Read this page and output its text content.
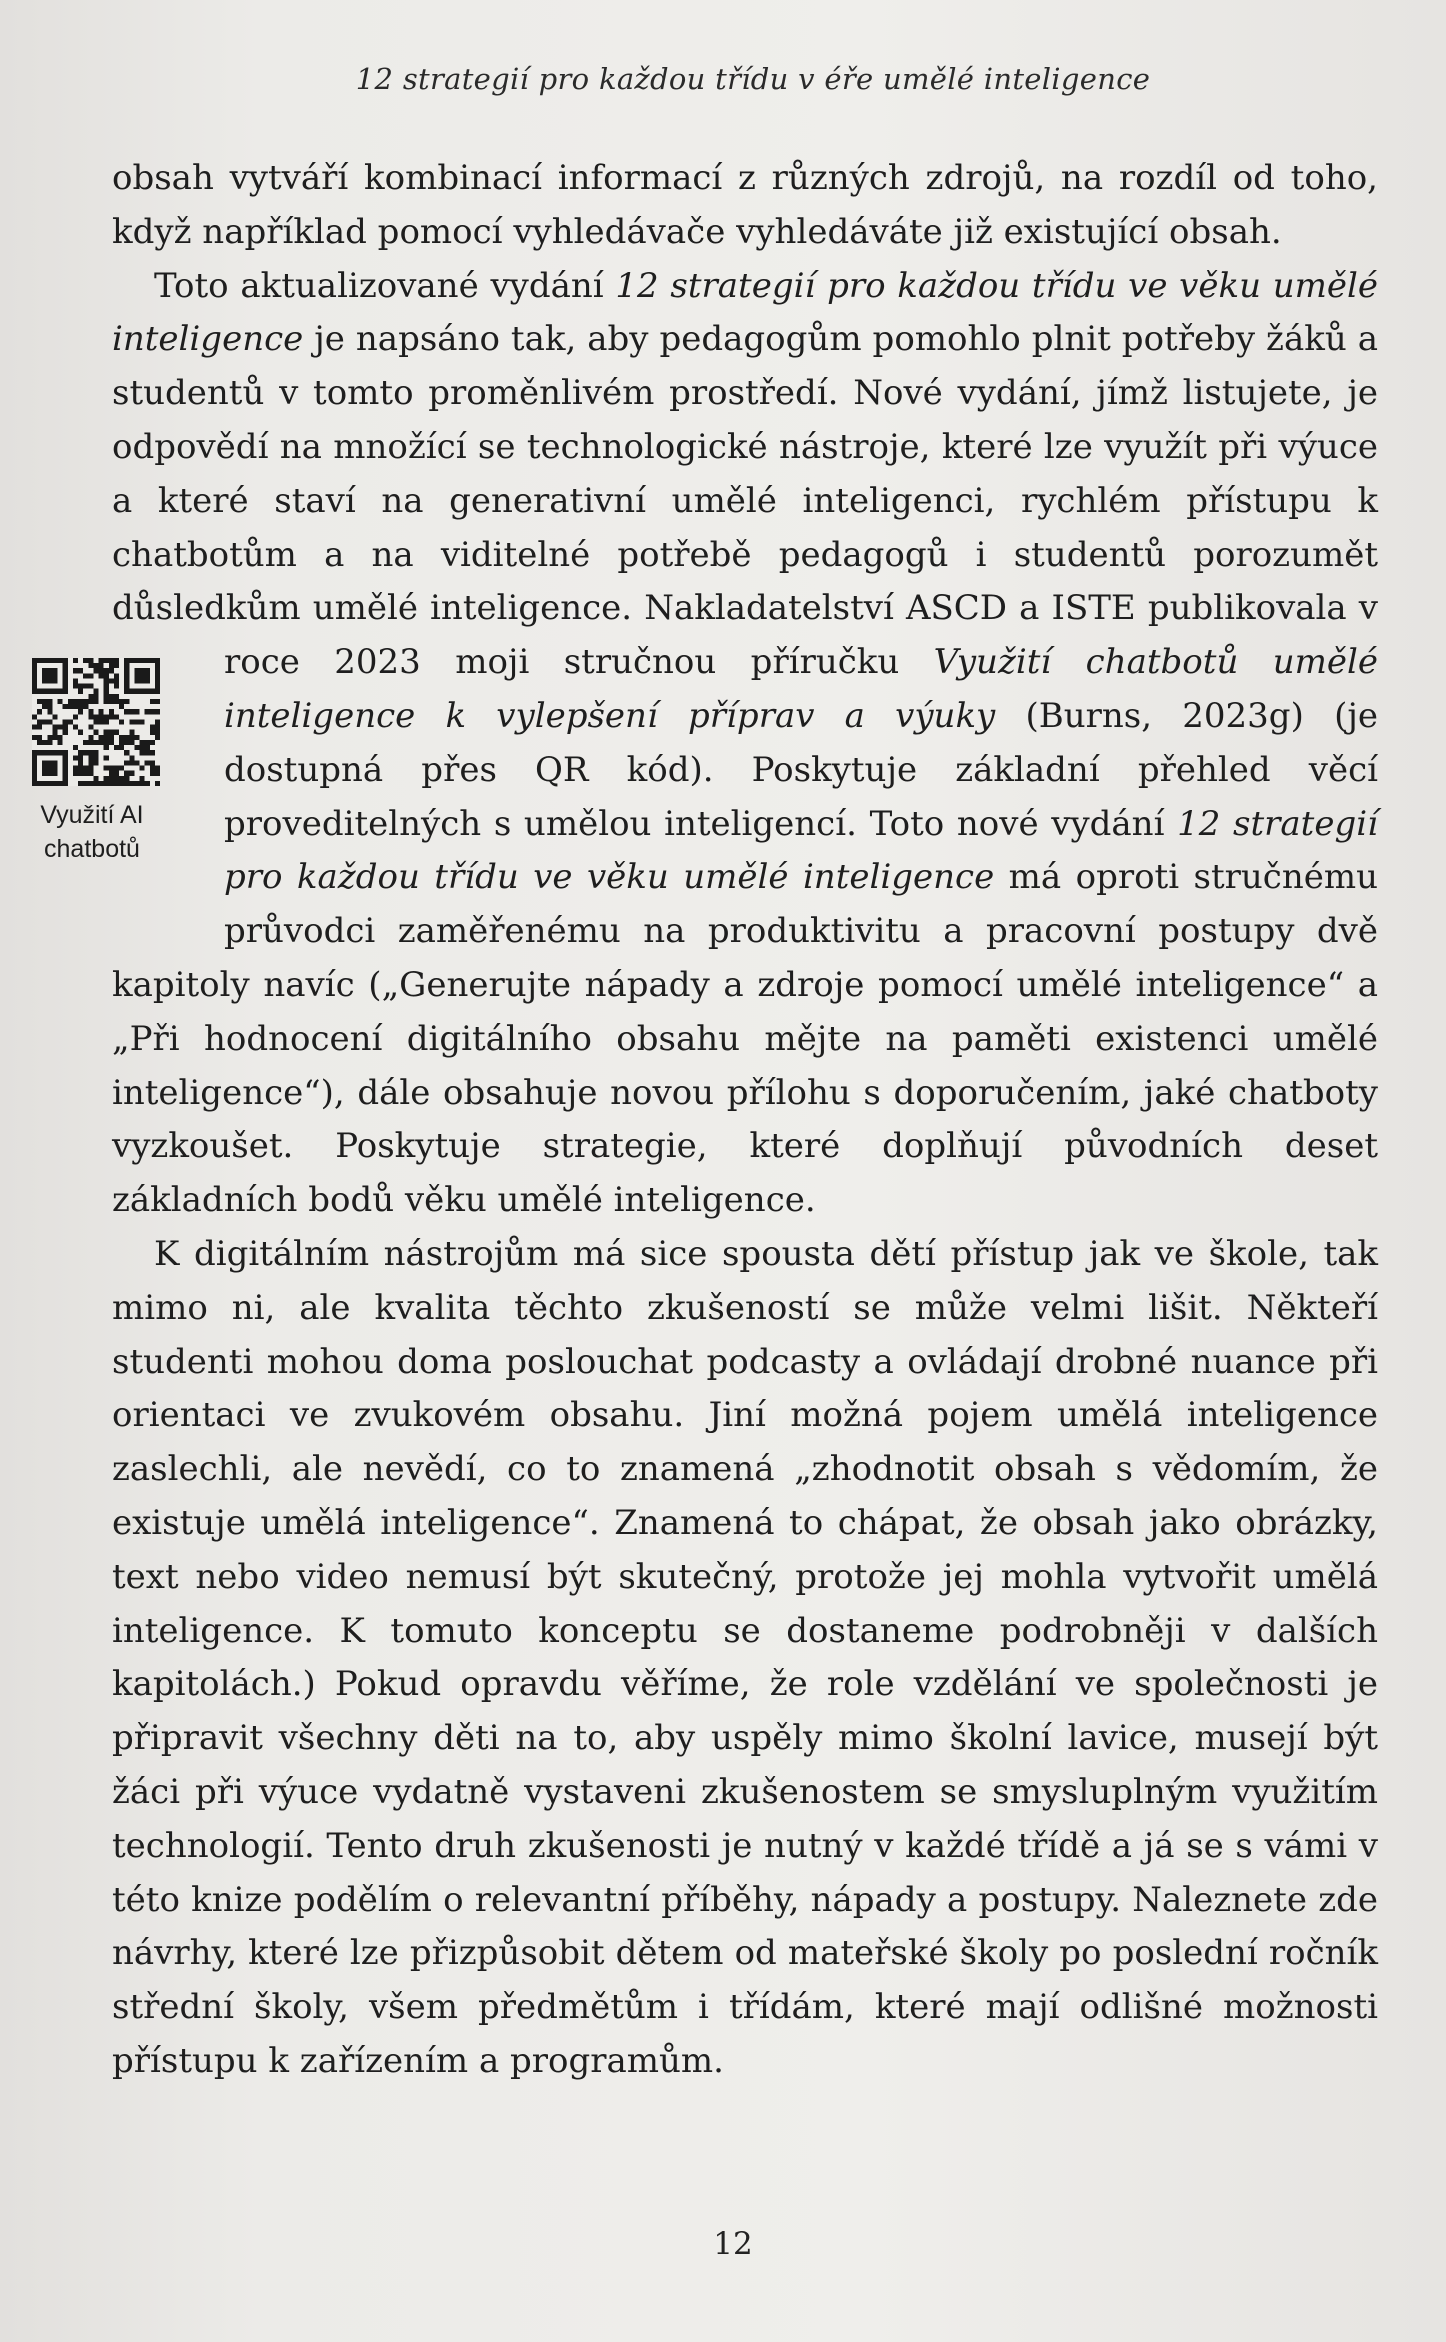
12 strategií pro každou třídu v éře umělé inteligence

obsah vytváří kombinací informací z různých zdrojů, na rozdíl od toho, když například pomocí vyhledávače vyhledáváte již existující obsah.

Toto aktualizované vydání 12 strategií pro každou třídu ve věku umělé inteligence je napsáno tak, aby pedagogům pomohlo plnit potřeby žáků a studentů v tomto proměnlivém prostředí. Nové vydání, jímž listujete, je odpovědí na množící se technologické nástroje, které lze využít při výuce a které staví na generativní umělé inteligenci, rychlém přístupu k chatbotům a na viditelné potřebě pedagogů i studentů porozumět důsledkům umělé inteligence. Nakladatelství ASCD a ISTE publikovala v roce 2023 moji stručnou příručku
Využití AI chatbotů
Využití chatbotů umělé inteligence k vylepšení příprav a výuky (Burns, 2023g) (je dostupná přes QR kód). Poskytuje základní přehled věcí proveditelných s umělou inteligencí. Toto nové vydání 12 strategií pro každou třídu ve věku umělé inteligence má oproti stručnému průvodci zaměřenému na produktivitu a pracovní postupy dvě kapitoly navíc („Generujte nápady a zdroje pomocí umělé inteligence“ a „Při hodnocení digitálního obsahu mějte na paměti existenci umělé inteligence“), dále obsahuje novou přílohu s doporučením, jaké chatboty vyzkoušet. Poskytuje strategie, které doplňují původních deset základních bodů věku umělé inteligence.

K digitálním nástrojům má sice spousta dětí přístup jak ve škole, tak mimo ni, ale kvalita těchto zkušeností se může velmi lišit. Někteří studenti mohou doma poslouchat podcasty a ovládají drobné nuance při orientaci ve zvukovém obsahu. Jiní možná pojem umělá inteligence zaslechli, ale nevědí, co to znamená „zhodnotit obsah s vědomím, že existuje umělá inteligence“. Znamená to chápat, že obsah jako obrázky, text nebo video nemusí být skutečný, protože jej mohla vytvořit umělá inteligence. K tomuto konceptu se dostaneme podrobněji v dalších kapitolách.) Pokud opravdu věříme, že role vzdělání ve společnosti je připravit všechny děti na to, aby uspěly mimo školní lavice, musejí být žáci při výuce vydatně vystaveni zkušenostem se smysluplným využitím technologií. Tento druh zkušenosti je nutný v každé třídě a já se s vámi v této knize podělím o relevantní příběhy, nápady a postupy. Naleznete zde návrhy, které lze přizpůsobit dětem od mateřské školy po poslední ročník střední školy, všem předmětům i třídám, které mají odlišné možnosti přístupu k zařízením a programům.

12
